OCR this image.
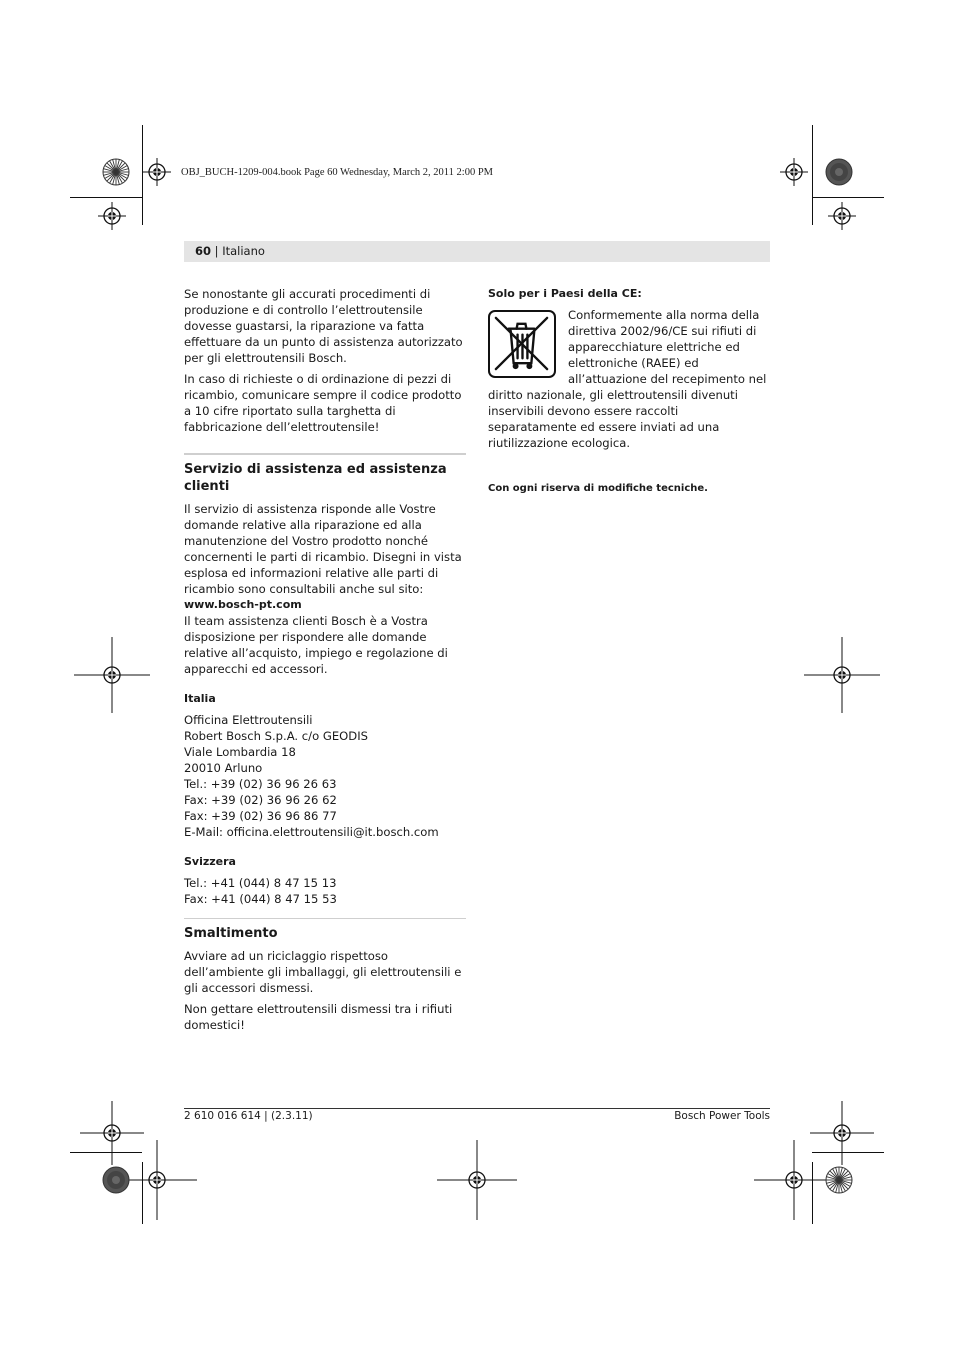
OBJ_BUCH-1209-004.book Page 60 Wednesday, March 2, 2011 2:00 PM
60 | Italiano

Se nonostante gli accurati procedimenti di produzione e di controllo l’elettroutensile dovesse guastarsi, la riparazione va fatta effettuare da un punto di assistenza autorizzato per gli elettroutensili Bosch.

In caso di richieste o di ordinazione di pezzi di ricambio, comunicare sempre il codice prodotto a 10 cifre riportato sulla targhetta di fabbricazione dell’elettroutensile!

Servizio di assistenza ed assistenza clienti

Il servizio di assistenza risponde alle Vostre domande relative alla riparazione ed alla manutenzione del Vostro prodotto nonché concernenti le parti di ricambio. Disegni in vista esplosa ed informazioni relative alle parti di ricambio sono consultabili anche sul sito:

www.bosch-pt.com

Il team assistenza clienti Bosch è a Vostra disposizione per rispondere alle domande relative all’acquisto, impiego e regolazione di apparecchi ed accessori.

Italia
Officina Elettroutensili
Robert Bosch S.p.A. c/o GEODIS
Viale Lombardia 18
20010 Arluno
Tel.: +39 (02) 36 96 26 63
Fax: +39 (02) 36 96 26 62
Fax: +39 (02) 36 96 86 77
E-Mail: officina.elettroutensili@it.bosch.com
Svizzera
Tel.: +41 (044) 8 47 15 13
Fax: +41 (044) 8 47 15 53
Smaltimento

Avviare ad un riciclaggio rispettoso dell’ambiente gli imballaggi, gli elettroutensili e gli accessori dismessi.

Non gettare elettroutensili dismessi tra i rifiuti domestici!

Solo per i Paesi della CE:

Conformemente alla norma della direttiva 2002/96/CE sui rifiuti di apparecchiature elettriche ed elettroniche (RAEE) ed all’attuazione del recepimento nel diritto nazionale, gli elettroutensili divenuti inservibili devono essere raccolti separatamente ed essere inviati ad una riutilizzazione ecologica.

Con ogni riserva di modifiche tecniche.
2 610 016 614 | (2.3.11)	Bosch Power Tools
